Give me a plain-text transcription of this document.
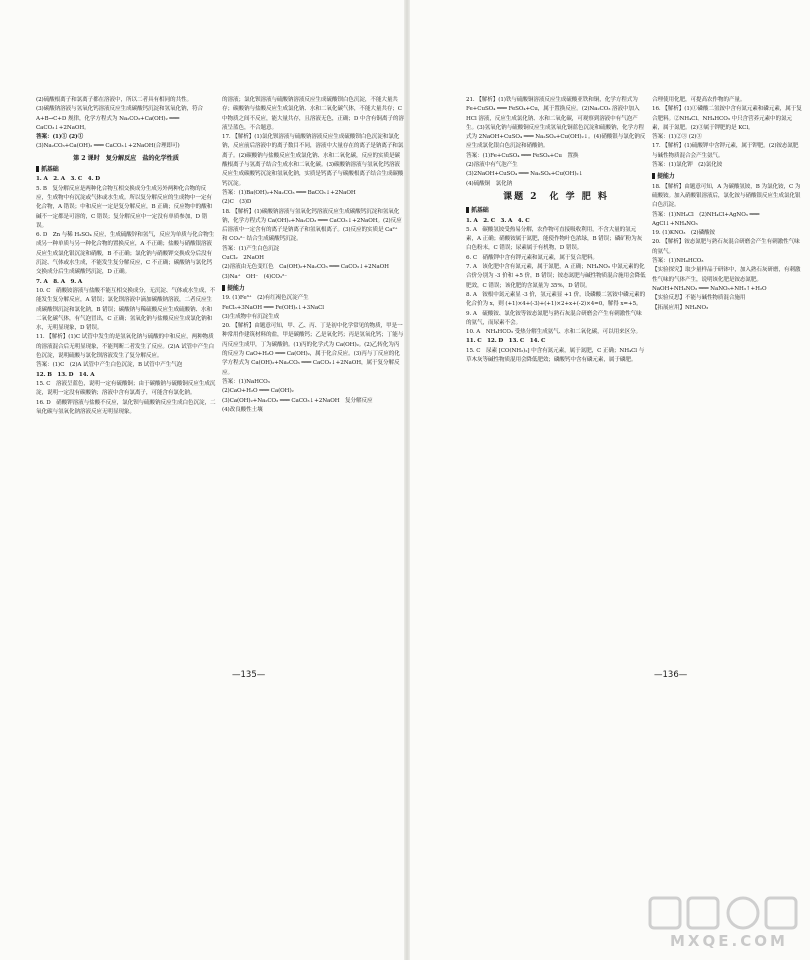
(2)硫酸根离子和氯离子都在溶液中，所以二者具有相同的共性。

(3)碳酸钠溶液与氢氧化钙溶液反应生成碳酸钙沉淀和氢氧化钠，符合 A+B→C+D 规律，化学方程式为 Na₂CO₃+Ca(OH)₂ ═══ CaCO₃↓+2NaOH。

答案：(1)① (2)①

(3)Na₂CO₃+Ca(OH)₂ ═══ CaCO₃↓+2NaOH(合理即可)

第 2 课时　复分解反应　盐的化学性质
抓基础

1. A　2. A　3. C　4. D

5. B　复分解反应是两种化合物互相交换成分生成另外两种化合物的反应，生成物中有沉淀或气体或水生成。所以复分解反应的生成物中一定有化合物，A 错误；中和反应一定是复分解反应，B 正确；反应物中的酸和碱不一定都是可溶的，C 错误；复分解反应中一定没有单质参加，D 错误。

6. D　Zn 与稀 H₂SO₄ 反应，生成硫酸锌和氢气，反应为单质与化合物生成另一种单质与另一种化合物的置换反应，A 不正确；盐酸与硝酸银溶液反应生成氯化银沉淀和硝酸，B 不正确；氯化钠与硝酸钾交换成分后没有沉淀、气体或水生成，不能发生复分解反应，C 不正确；碳酸钠与氯化钙交换成分后生成碳酸钙沉淀，D 正确。

7. A　8. A　9. A

10. C　硝酸铵溶液与盐酸不能互相交换成分，无沉淀、气体或水生成，不能发生复分解反应，A 错误；氯化钡溶液中滴加碳酸钠溶液，二者反应生成碳酸钡沉淀和氯化钠，B 错误；碳酸钠与稀硫酸反应生成硫酸钠、水和二氧化碳气体，有气泡冒出，C 正确；氢氧化钠与盐酸反应生成氯化钠和水，无明显现象，D 错误。

11. 【解析】(1)C 试管中发生的是氢氧化钠与硫酸的中和反应，两种物质的溶液混合后无明显现象，不能判断二者发生了反应。(2)A 试管中产生白色沉淀，说明硫酸与氯化钡溶液发生了复分解反应。

答案：(1)C　(2)A 试管中产生白色沉淀，B 试管中产生气泡

12. B　13. D　14. A

15. C　溶液呈蓝色，说明一定有硫酸铜；由于碳酸钠与硫酸铜反应生成沉淀，说明一定没有碳酸钠；溶液中含有氯离子，可能含有氯化钠。

16. D　硝酸钾溶液与盐酸不反应，氯化钡与硫酸钠反应生成白色沉淀，二氧化碳与氢氧化钠溶液反应无明显现象。

的溶液；氯化钡溶液与硫酸钠溶液反应生成硫酸钡白色沉淀，不能大量共存；碳酸钠与盐酸反应生成氯化钠、水和二氧化碳气体，不能大量共存；C 中物质之间不反应，能大量共存，且溶液无色，正确；D 中含有铜离子的溶液呈蓝色，不合题意。

17. 【解析】(1)氯化钡溶液与硫酸钠溶液反应生成硫酸钡白色沉淀和氯化钠，反应前后溶液中的离子数目不同，溶液中大量存在的离子是钠离子和氯离子。(2)碳酸钠与盐酸反应生成氯化钠、水和二氧化碳，反应的实质是碳酸根离子与氢离子结合生成水和二氧化碳。(3)碳酸钠溶液与氢氧化钙溶液反应生成碳酸钙沉淀和氢氧化钠，实质是钙离子与碳酸根离子结合生成碳酸钙沉淀。

答案：(1)Ba(OH)₂+Na₂CO₃ ═══ BaCO₃↓+2NaOH

(2)C　(3)D

18. 【解析】(1)碳酸钠溶液与氢氧化钙溶液反应生成碳酸钙沉淀和氢氧化钠，化学方程式为 Ca(OH)₂+Na₂CO₃ ═══ CaCO₃↓+2NaOH。(2)反应后溶液中一定含有的离子是钠离子和氢氧根离子。(3)反应的实质是 Ca²⁺ 和 CO₃²⁻ 结合生成碳酸钙沉淀。

答案：(1)产生白色沉淀

CuCl₂　2NaOH

(2)溶液由无色变红色　Ca(OH)₂+Na₂CO₃ ═══ CaCO₃↓+2NaOH

(3)Na⁺　OH⁻　(4)CO₃²⁻

提能力

19. (1)Fe³⁺　(2)有红褐色沉淀产生

FeCl₃+3NaOH ═══ Fe(OH)₃↓+3NaCl

(3)生成物中有沉淀生成

20. 【解析】由题意可知，甲、乙、丙、丁是初中化学常见的物质，甲是一种常用作建筑材料的盐，甲是碳酸钙；乙是氧化钙；丙是氢氧化钙；丁能与丙反应生成甲，丁为碳酸钠。(1)丙的化学式为 Ca(OH)₂。(2)乙转化为丙的反应为 CaO+H₂O ═══ Ca(OH)₂，属于化合反应。(3)丙与丁反应的化学方程式为 Ca(OH)₂+Na₂CO₃ ═══ CaCO₃↓+2NaOH，属于复分解反应。

答案：(1)NaHCO₃

(2)CaO+H₂O ═══ Ca(OH)₂

(3)Ca(OH)₂+Na₂CO₃ ═══ CaCO₃↓+2NaOH　复分解反应

(4)改良酸性土壤

21. 【解析】(1)铁与硫酸铜溶液反应生成硫酸亚铁和铜，化学方程式为 Fe+CuSO₄ ═══ FeSO₄+Cu，属于置换反应。(2)Na₂CO₃ 溶液中加入 HCl 溶液，反应生成氯化钠、水和二氧化碳，可观察到溶液中有气泡产生。(3)氢氧化钠与硫酸铜反应生成氢氧化铜蓝色沉淀和硫酸钠，化学方程式为 2NaOH+CuSO₄ ═══ Na₂SO₄+Cu(OH)₂↓。(4)硝酸银与氯化钠反应生成氯化银白色沉淀和硝酸钠。

答案：(1)Fe+CuSO₄ ═══ FeSO₄+Cu　置换

(2)溶液中有气泡产生

(3)2NaOH+CuSO₄ ═══ Na₂SO₄+Cu(OH)₂↓

(4)硫酸铜　氯化钠

课题 2　化 学 肥 料
抓基础

1. A　2. C　3. A　4. C

5. A　碳酸氢铵受热易分解，农作物可直接吸收利用，不含大量的氢元素，A 正确；硝酸铵属于氮肥，能使作物叶色浓绿，B 错误；磷矿粉为灰白色粉末，C 错误；尿素属于有机物，D 错误。

6. C　硝酸钾中含有钾元素和氮元素，属于复合肥料。

7. A　该化肥中含有氮元素，属于氮肥，A 正确；NH₄NO₃ 中氮元素的化合价分别为 -3 价和 +5 价，B 错误；铵态氮肥与碱性物质混合施用会降低肥效，C 错误；该化肥的含氮量为 35%，D 错误。

8. A　铵根中氮元素显 -3 价，氢元素显 +1 价，设磷酸二氢铵中磷元素的化合价为 x，则 (+1)×4+(-3)+(+1)×2+x+(-2)×4=0，解得 x=+5。

9. A　硫酸铵、氯化铵等铵态氮肥与熟石灰混合研磨会产生有刺激性气味的氨气，而尿素不会。

10. A　NH₄HCO₃ 受热分解生成氨气、水和二氧化碳，可以用来区分。

11. C　12. D　13. C　14. C

15. C　尿素 [CO(NH₂)₂] 中含有氮元素，属于氮肥，C 正确；NH₄Cl 与草木灰等碱性物质混用会降低肥效；磷酸钙中含有磷元素，属于磷肥。

合理使用化肥，可提高农作物的产量。

16. 【解析】(1)①磷酸二氢铵中含有氮元素和磷元素，属于复合肥料。②NH₄Cl、NH₄HCO₃ 中只含营养元素中的氮元素，属于氮肥。(2)③属于钾肥的是 KCl。

答案：(1)②③ (2)③

17. 【解析】(1)硫酸钾中含钾元素，属于钾肥。(2)铵态氮肥与碱性物质混合会产生氨气。

答案：(1)氯化钾　(2)氯化铵

提能力

18. 【解析】由题意可知，A 为碳酸氢铵，B 为氯化铵，C 为硫酸铵。加入硝酸银溶液后，氯化铵与硝酸银反应生成氯化银白色沉淀。

答案：(1)NH₄Cl　(2)NH₄Cl+AgNO₃ ═══ AgCl↓+NH₄NO₃

19. (1)KNO₃　(2)磷酸铵

20. 【解析】铵态氮肥与熟石灰混合研磨会产生有刺激性气味的氨气。

答案：(1)NH₄HCO₃

【实验探究】取少量样品于研钵中，加入熟石灰研磨，有刺激性气味的气体产生，说明该化肥是铵态氮肥。

NaOH+NH₄NO₃ ═══ NaNO₃+NH₃↑+H₂O

【实验反思】不能与碱性物质混合施用

【拓展应用】NH₄NO₃

—135—	—136—
MXQE.COM
